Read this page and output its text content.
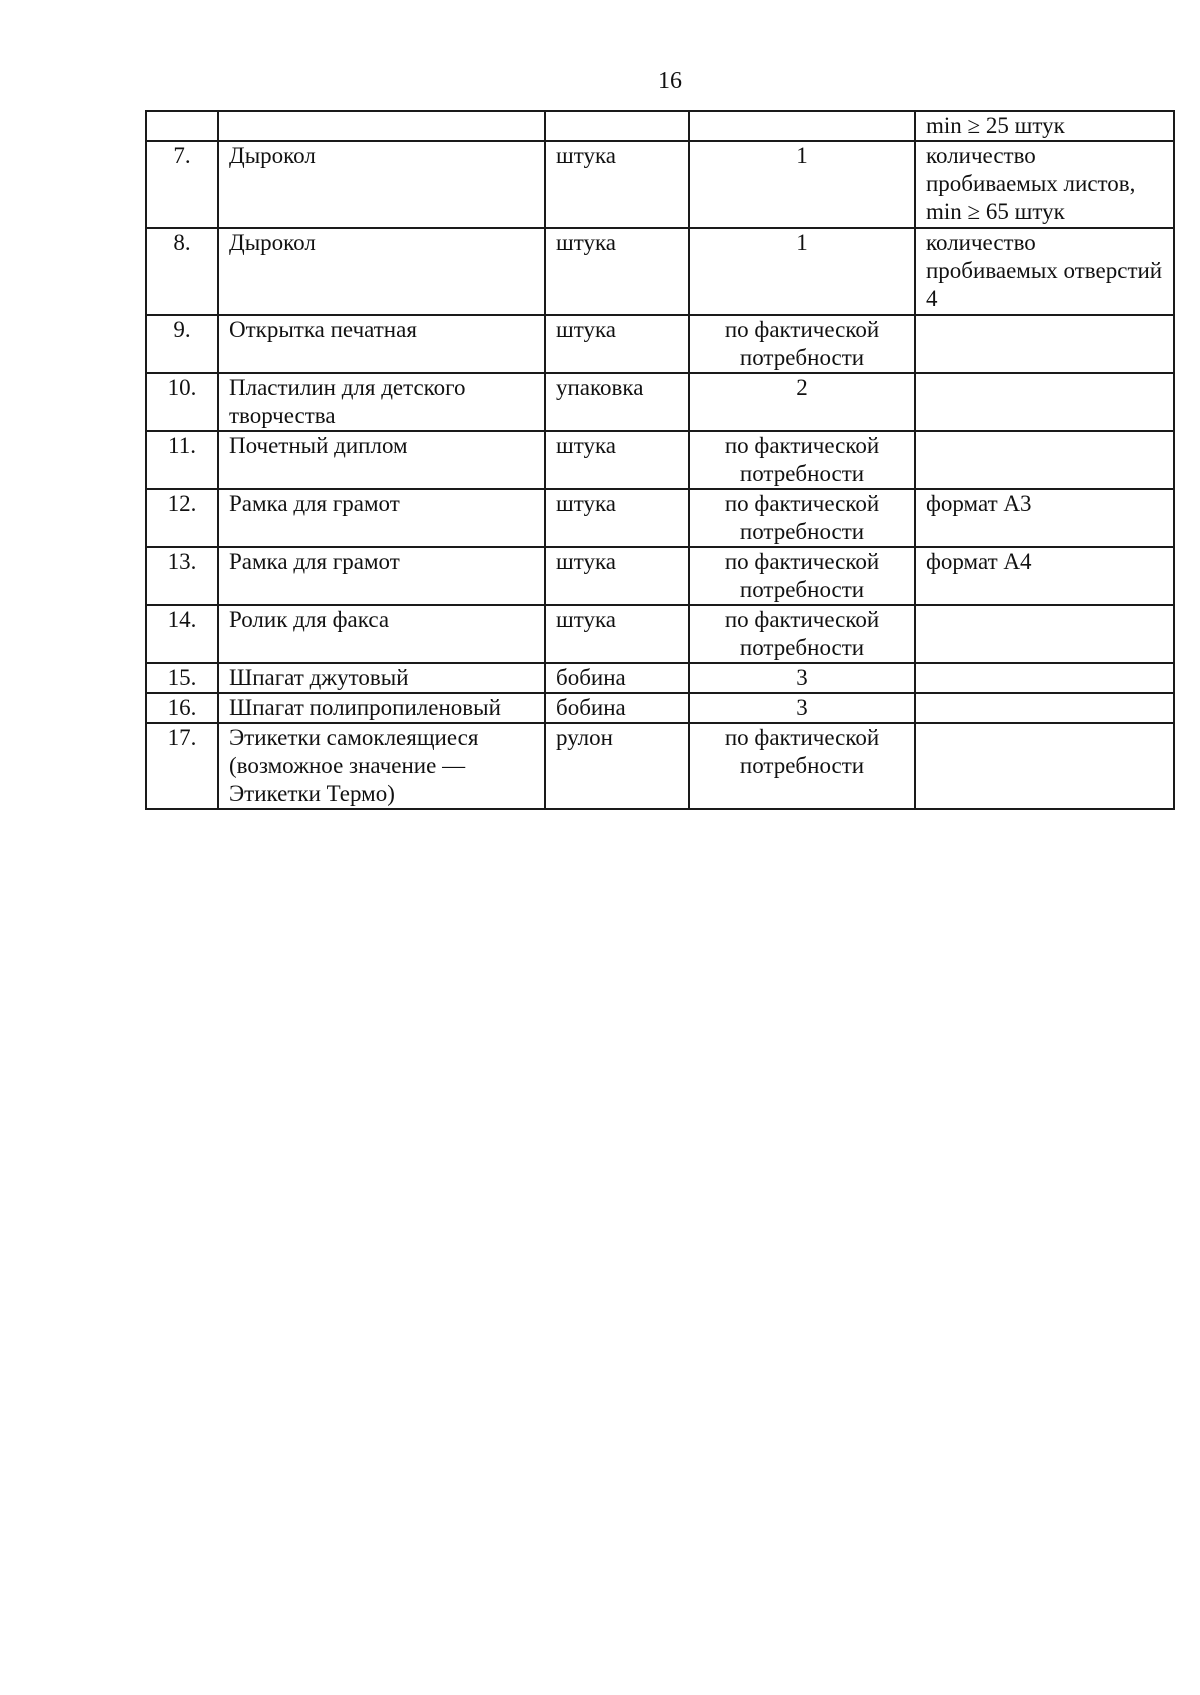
16
				min ≥ 25 штук
7.	Дырокол	штука	1	количество пробиваемых листов, min ≥ 65 штук
8.	Дырокол	штука	1	количество пробиваемых отверстий 4
9.	Открытка печатная	штука	по фактической потребности	
10.	Пластилин для детского творчества	упаковка	2	
11.	Почетный диплом	штука	по фактической потребности	
12.	Рамка для грамот	штука	по фактической потребности	формат А3
13.	Рамка для грамот	штука	по фактической потребности	формат А4
14.	Ролик для факса	штука	по фактической потребности	
15.	Шпагат джутовый	бобина	3	
16.	Шпагат полипропиленовый	бобина	3	
17.	Этикетки самоклеящиеся (возможное значение — Этикетки Термо)	рулон	по фактической потребности	
